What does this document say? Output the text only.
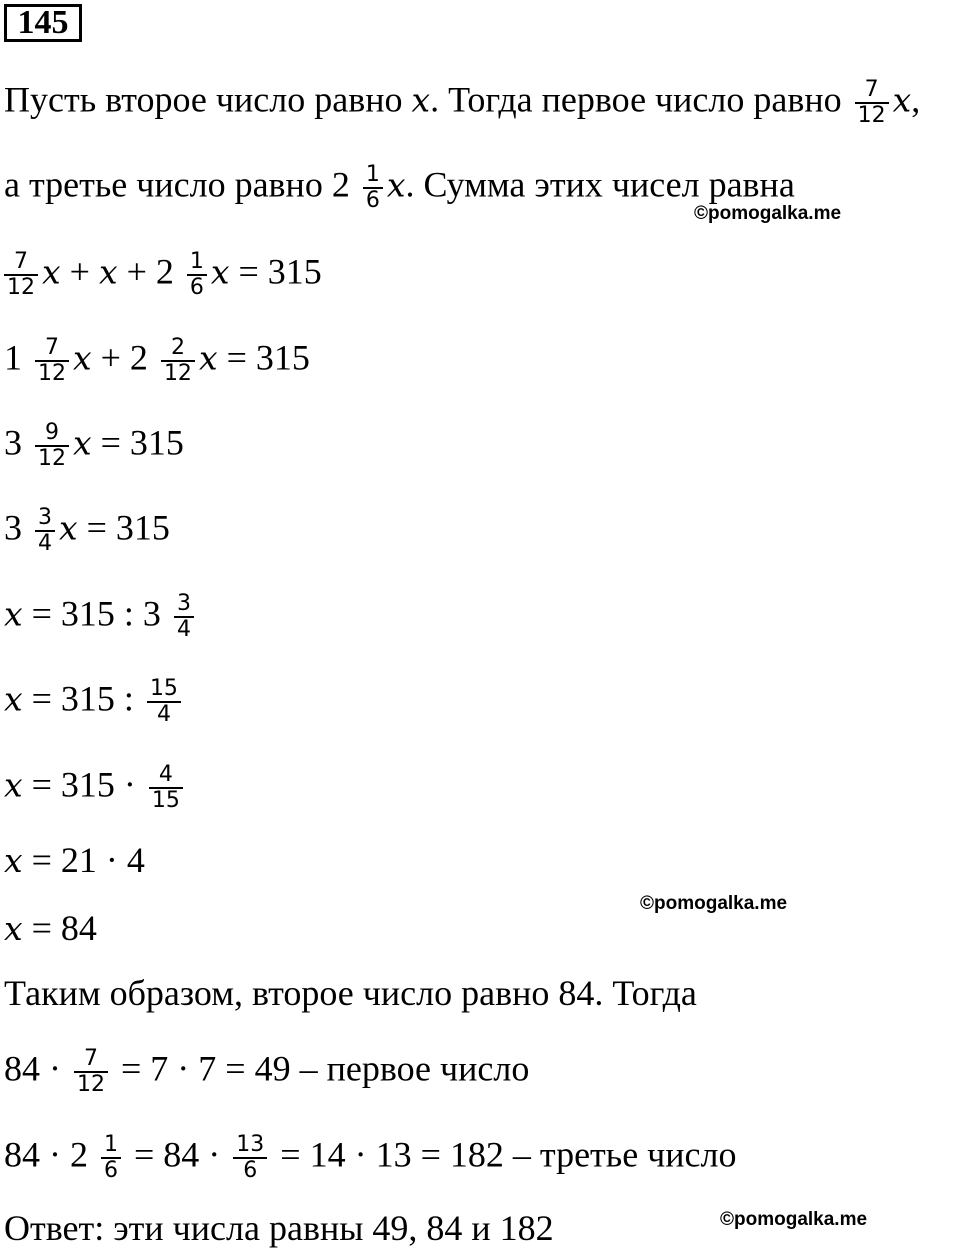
145
Пусть второе число равно x. Тогда первое число равно $\frac{7}{12} x$,
а третье число равно $2 \frac{1}{6} x$. Сумма этих чисел равна
©pomogalka.me
$\frac{7}{12}$ $x + x + 2 \frac{1}{6}$ x = 315
$1 \frac{7}{12}$ $x + 2 \frac{2}{12}$ x = 315
$3 \frac{9}{12}$ x = 315
$3 \frac{3}{4}$ x = 315
x = 315 : $3 \frac{3}{4}$
x = 315 : $\frac{15}{4}$
$x = 315 \cdot \frac{4}{15}$
x = 21 · 4
©pomogalka.me
x = 84
Таким образом, второе число равно 84. Тогда
$84 \cdot \frac{7}{12} = 7 \cdot 7 = 49$ – первое число
$84 \cdot 2 \frac{1}{6} = 84 \cdot \frac{13}{6} = 14 \cdot 13 = 182$ – третье число
©pomogalka.me
Ответ: эти числа равны 49, 84 и 182
